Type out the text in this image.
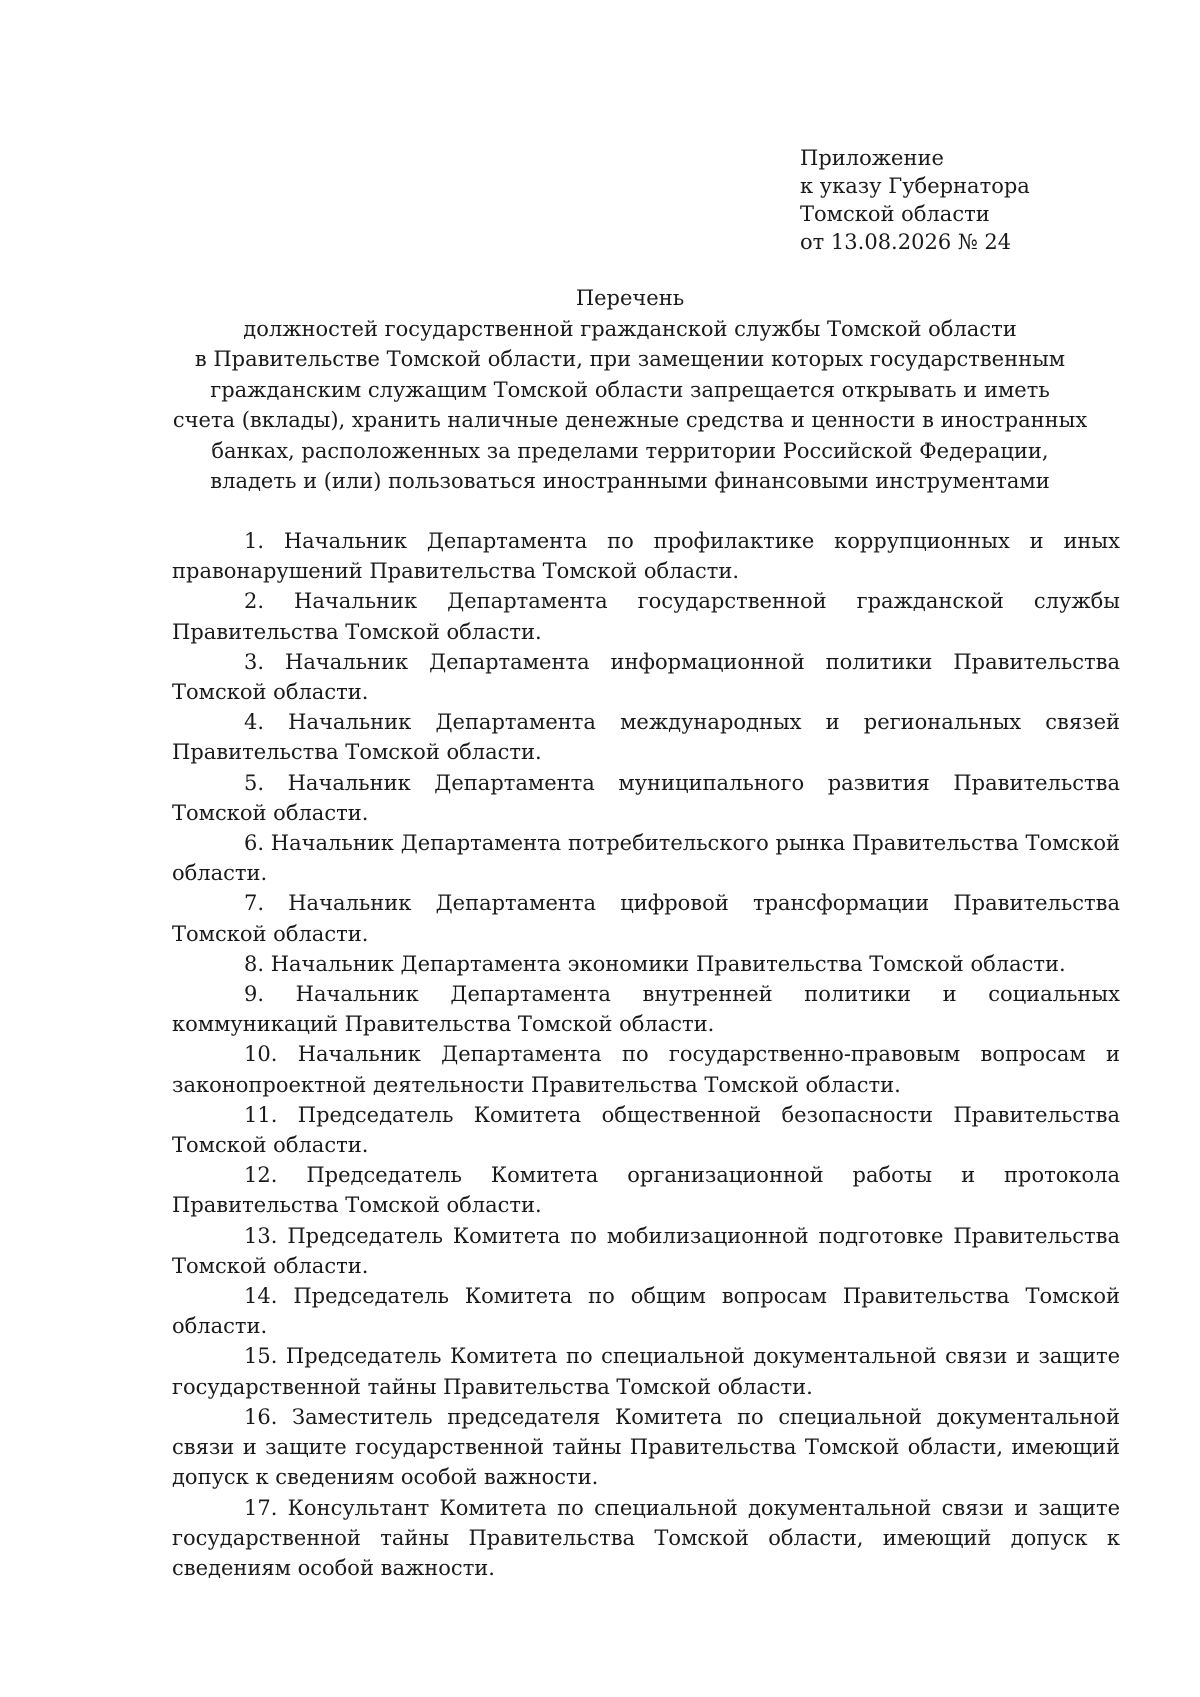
Приложение
к указу Губернатора
Томской области
от 13.08.2026 № 24
Перечень
должностей государственной гражданской службы Томской области
в Правительстве Томской области, при замещении которых государственным
гражданским служащим Томской области запрещается открывать и иметь
счета (вклады), хранить наличные денежные средства и ценности в иностранных
банках, расположенных за пределами территории Российской Федерации,
владеть и (или) пользоваться иностранными финансовыми инструментами

1. Начальник Департамента по профилактике коррупционных и иных правонарушений Правительства Томской области.

2. Начальник Департамента государственной гражданской службы Правительства Томской области.

3. Начальник Департамента информационной политики Правительства Томской области.

4. Начальник Департамента международных и региональных связей Правительства Томской области.

5. Начальник Департамента муниципального развития Правительства Томской области.

6. Начальник Департамента потребительского рынка Правительства Томской области.

7. Начальник Департамента цифровой трансформации Правительства Томской области.

8. Начальник Департамента экономики Правительства Томской области.

9. Начальник Департамента внутренней политики и социальных коммуникаций Правительства Томской области.

10. Начальник Департамента по государственно-правовым вопросам и законопроектной деятельности Правительства Томской области.

11. Председатель Комитета общественной безопасности Правительства Томской области.

12. Председатель Комитета организационной работы и протокола Правительства Томской области.

13. Председатель Комитета по мобилизационной подготовке Правительства Томской области.

14. Председатель Комитета по общим вопросам Правительства Томской области.

15. Председатель Комитета по специальной документальной связи и защите государственной тайны Правительства Томской области.

16. Заместитель председателя Комитета по специальной документальной связи и защите государственной тайны Правительства Томской области, имеющий допуск к сведениям особой важности.

17. Консультант Комитета по специальной документальной связи и защите государственной тайны Правительства Томской области, имеющий допуск к сведениям особой важности.
